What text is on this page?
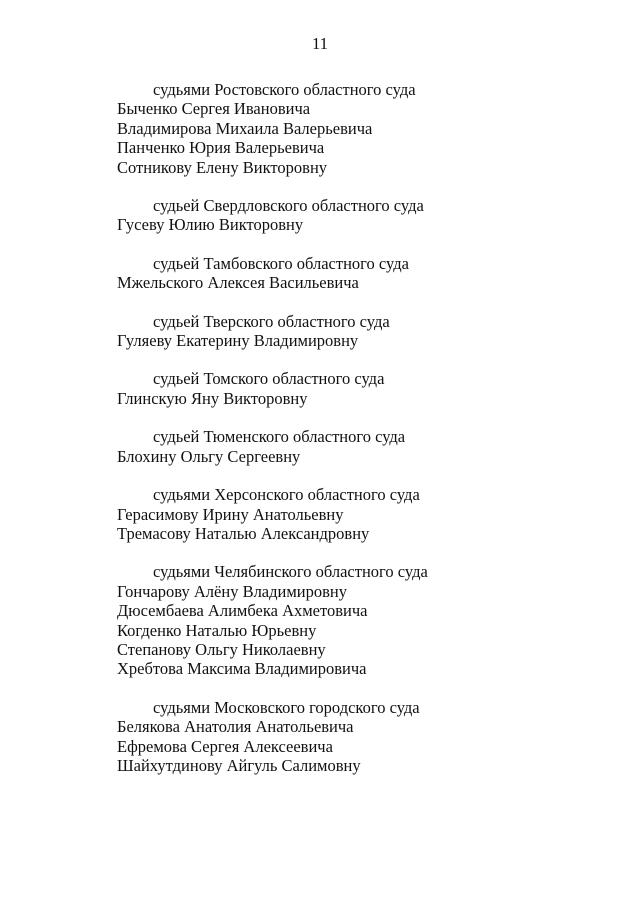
11
судьями Ростовского областного суда
Быченко Сергея Ивановича
Владимирова Михаила Валерьевича
Панченко Юрия Валерьевича
Сотникову Елену Викторовну
судьей Свердловского областного суда
Гусеву Юлию Викторовну
судьей Тамбовского областного суда
Мжельского Алексея Васильевича
судьей Тверского областного суда
Гуляеву Екатерину Владимировну
судьей Томского областного суда
Глинскую Яну Викторовну
судьей Тюменского областного суда
Блохину Ольгу Сергеевну
судьями Херсонского областного суда
Герасимову Ирину Анатольевну
Тремасову Наталью Александровну
судьями Челябинского областного суда
Гончарову Алёну Владимировну
Дюсембаева Алимбека Ахметовича
Когденко Наталью Юрьевну
Степанову Ольгу Николаевну
Хребтова Максима Владимировича
судьями Московского городского суда
Белякова Анатолия Анатольевича
Ефремова Сергея Алексеевича
Шайхутдинову Айгуль Салимовну
